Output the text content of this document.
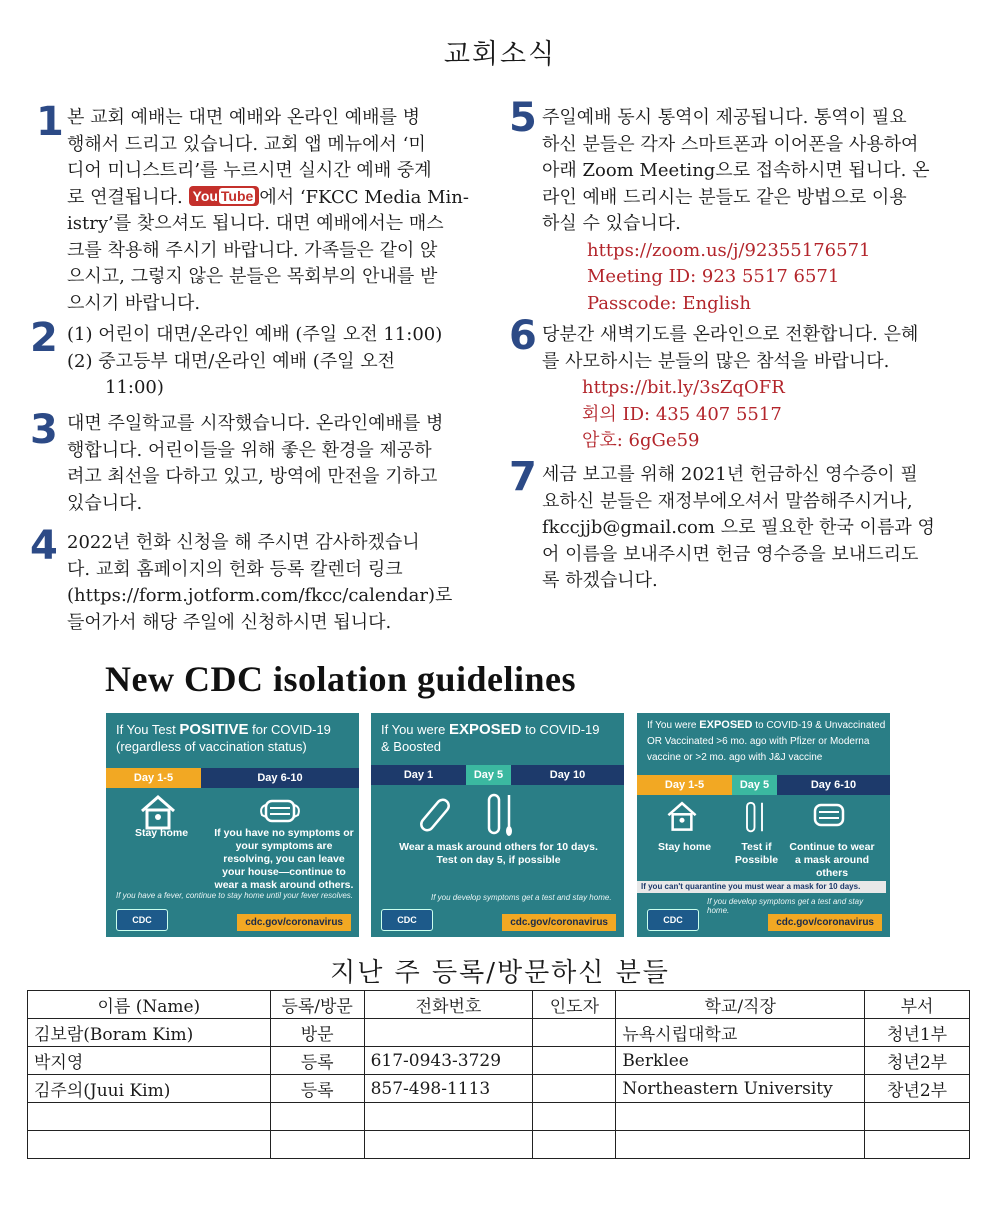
교회소식
1 본 교회 예배는 대면 예배와 온라인 예배를 병
행해서 드리고 있습니다. 교회 앱 메뉴에서 ‘미
디어 미니스트리’를 누르시면 실시간 예배 중계
로 연결됩니다. You Tube 에서 ‘FKCC Media Min-
istry’를 찾으셔도 됩니다. 대면 예배에서는 매스
크를 착용해 주시기 바랍니다. 가족들은 같이 앉
으시고, 그렇지 않은 분들은 목회부의 안내를 받
으시기 바랍니다.
2 (1) 어린이 대면/온라인 예배 (주일 오전 11:00)
(2) 중고등부 대면/온라인 예배 (주일 오전
11:00)
3 대면 주일학교를 시작했습니다. 온라인예배를 병
행합니다. 어린이들을 위해 좋은 환경을 제공하
려고 최선을 다하고 있고, 방역에 만전을 기하고
있습니다.
4 2022년 헌화 신청을 해 주시면 감사하겠습니
다. 교회 홈페이지의 헌화 등록 칼렌더 링크
(https://form.jotform.com/fkcc/calendar)로
들어가서 해당 주일에 신청하시면 됩니다.
5 주일예배 동시 통역이 제공됩니다. 통역이 필요
하신 분들은 각자 스마트폰과 이어폰을 사용하여
아래 Zoom Meeting으로 접속하시면 됩니다. 온
라인 예배 드리시는 분들도 같은 방법으로 이용
하실 수 있습니다.
https://zoom.us/j/92355176571
Meeting ID: 923 5517 6571
Passcode: English
6 당분간 새벽기도를 온라인으로 전환합니다. 은혜
를 사모하시는 분들의 많은 참석을 바랍니다.
https://bit.ly/3sZqOFR
회의 ID: 435 407 5517
암호: 6gGe59
7 세금 보고를 위해 2021년 헌금하신 영수증이 필
요하신 분들은 재정부에오셔서 말씀해주시거나,
fkccjjb@gmail.com 으로 필요한 한국 이름과 영
어 이름을 보내주시면 헌금 영수증을 보내드리도
록 하겠습니다.
New CDC isolation guidelines
If You Test POSITIVE for COVID-19
(regardless of vaccination status)
Day 1-5	Day 6-10
Stay home	If you have no symptoms or your symptoms are resolving, you can leave your house—continue to wear a mask around others.
If you have a fever, continue to stay home until your fever resolves.
CDC	cdc.gov/coronavirus
If You were EXPOSED to COVID-19
& Boosted
Day 1	Day 5	Day 10
Wear a mask around others for 10 days. Test on day 5, if possible
If you develop symptoms get a test and stay home.
CDC	cdc.gov/coronavirus
If You were EXPOSED to COVID-19 & Unvaccinated OR Vaccinated >6 mo. ago with Pfizer or Moderna vaccine or >2 mo. ago with J&J vaccine
Day 1-5	Day 5	Day 6-10
Stay home	Test if Possible
Continue to wear a mask around others
If you can't quarantine you must wear a mask for 10 days.
If you develop symptoms get a test and stay home.
CDC	cdc.gov/coronavirus
지난 주 등록/방문하신 분들
이름 (Name)	등록/방문	전화번호	인도자	학교/직장	부서
김보람(Boram Kim)	방문			뉴욕시립대학교	청년1부
박지영	등록	617-0943-3729		Berklee	청년2부
김주의(Juui Kim)	등록	857-498-1113		Northeastern University	창년2부
